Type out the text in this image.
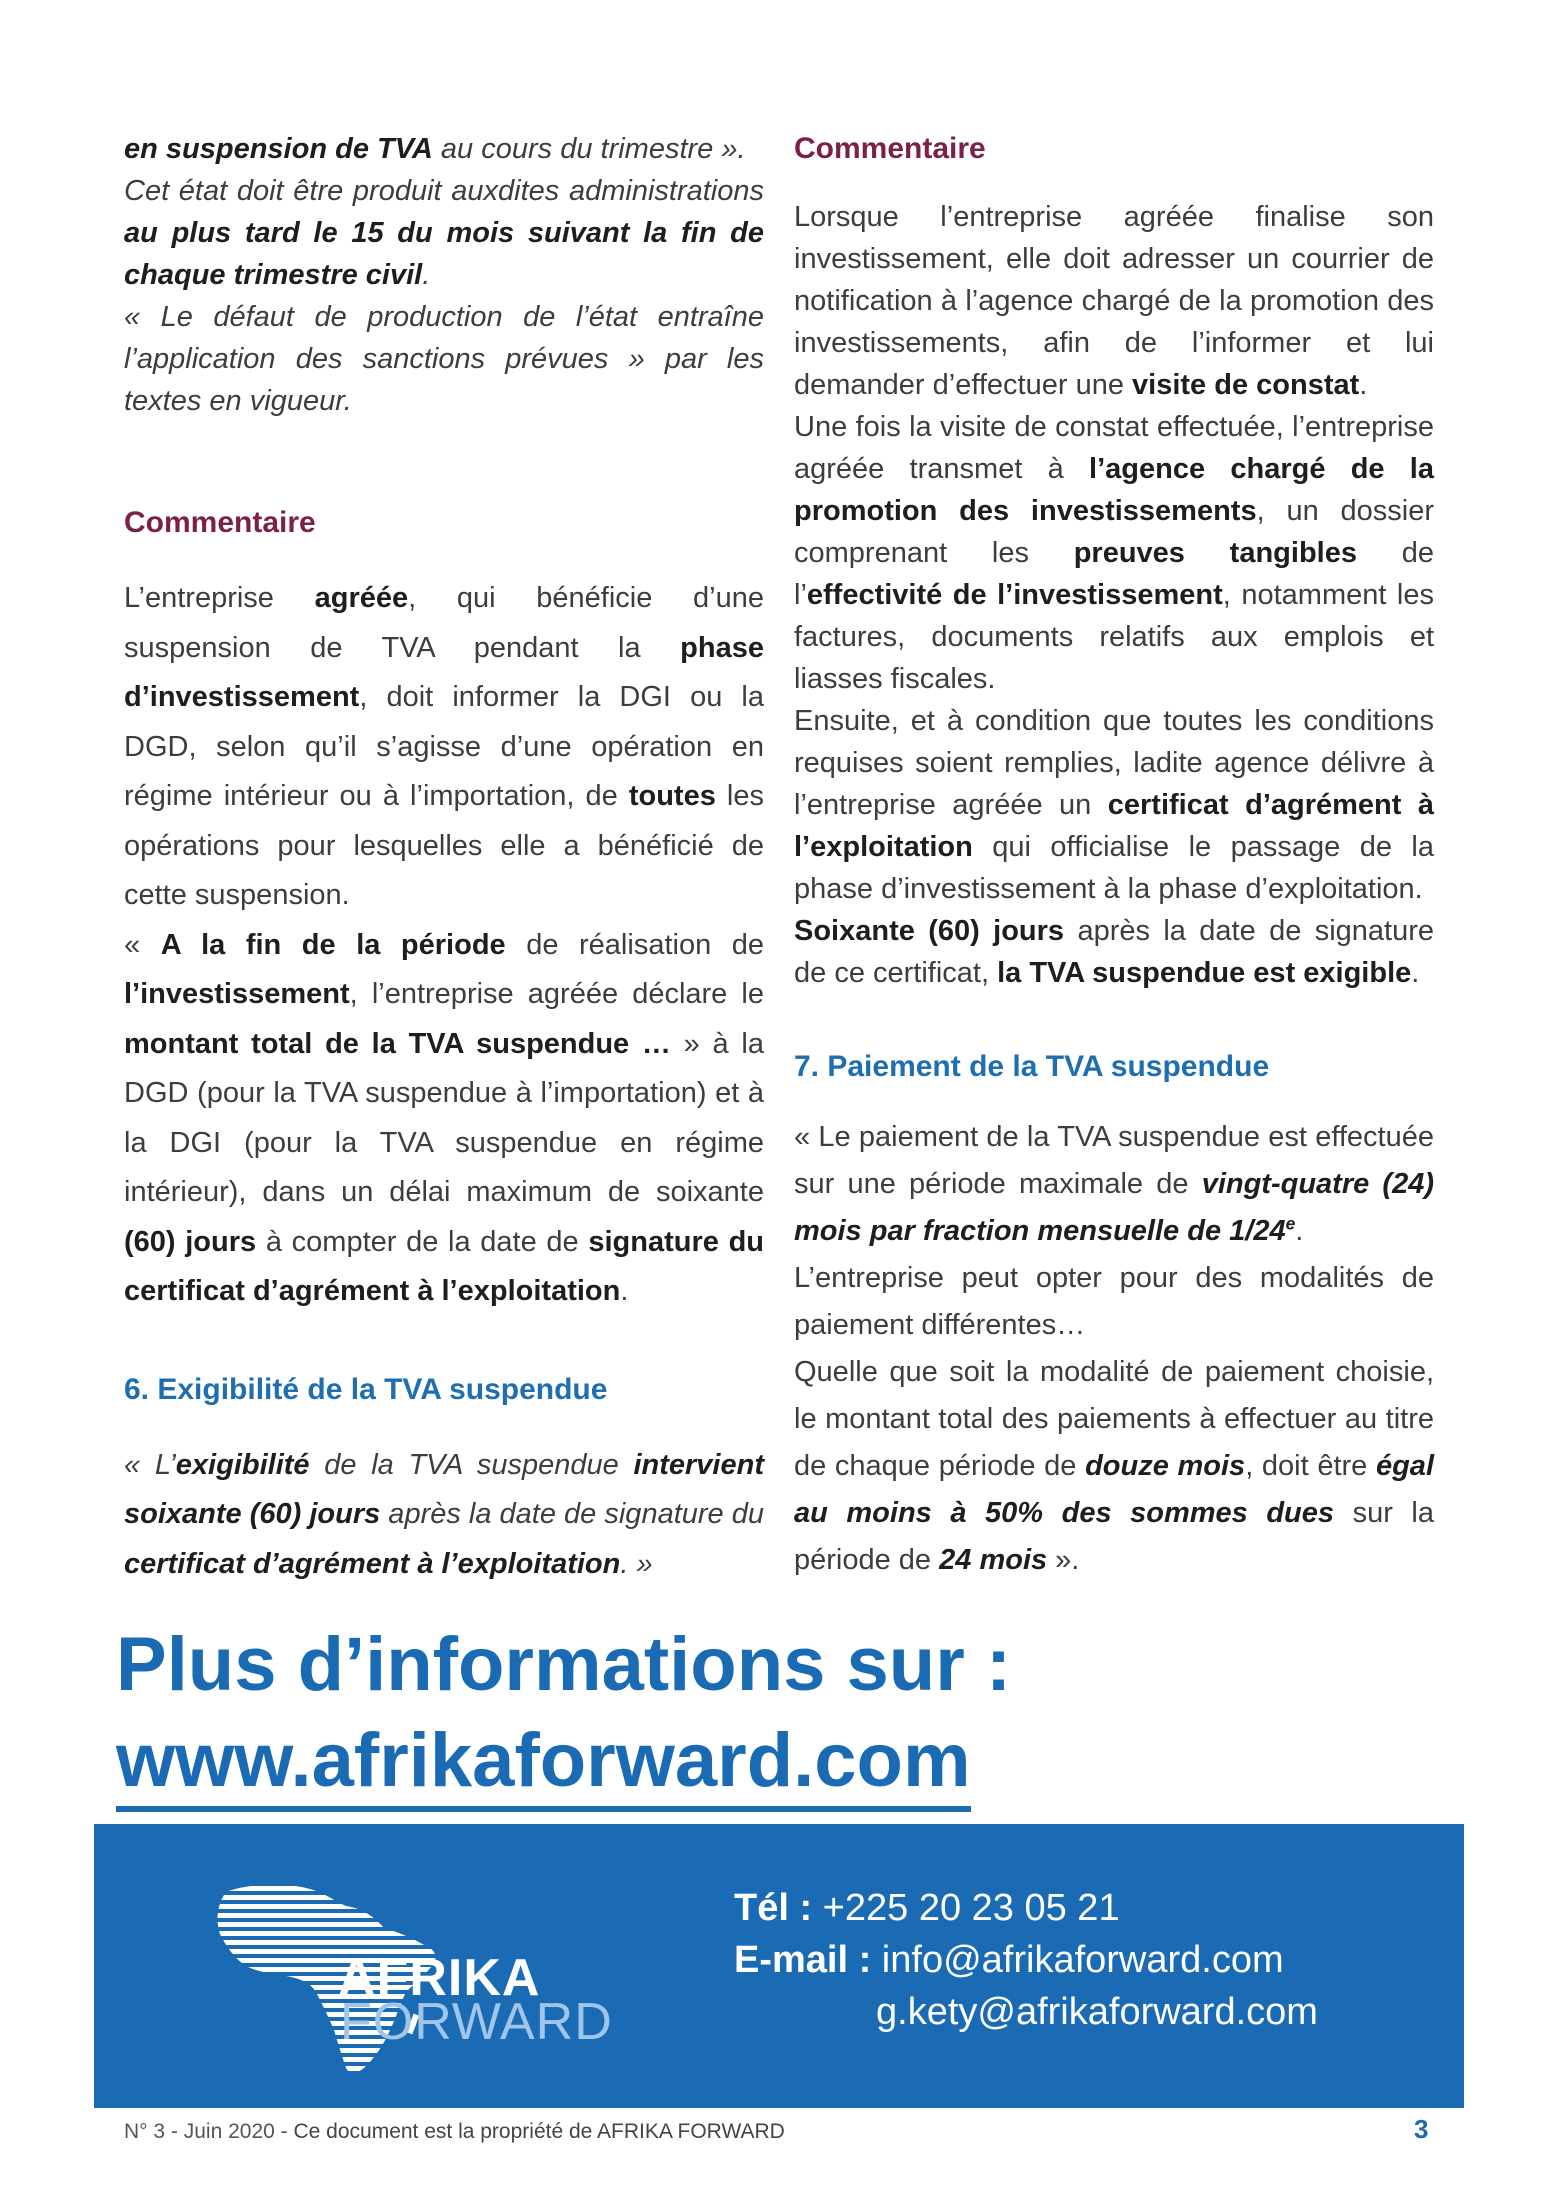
en suspension de TVA au cours du trimestre ».
Cet état doit être produit auxdites administrations au plus tard le 15 du mois suivant la fin de chaque trimestre civil.
« Le défaut de production de l’état entraîne l’application des sanctions prévues » par les textes en vigueur.

Commentaire

L’entreprise agréée, qui bénéficie d’une suspension de TVA pendant la phase d’investissement, doit informer la DGI ou la DGD, selon qu’il s’agisse d’une opération en régime intérieur ou à l’importation, de toutes les opérations pour lesquelles elle a bénéficié de cette suspension.

« A la fin de la période de réalisation de l’investissement, l’entreprise agréée déclare le montant total de la TVA suspendue … » à la DGD (pour la TVA suspendue à l’importation) et à la DGI (pour la TVA suspendue en régime intérieur), dans un délai maximum de soixante (60) jours à compter de la date de signature du certificat d’agrément à l’exploitation.

6. Exigibilité de la TVA suspendue

« L’exigibilité de la TVA suspendue intervient soixante (60) jours après la date de signature du certificat d’agrément à l’exploitation. »

Commentaire

Lorsque l’entreprise agréée finalise son investissement, elle doit adresser un courrier de notification à l’agence chargé de la promotion des investissements, afin de l’informer et lui demander d’effectuer une visite de constat.
Une fois la visite de constat effectuée, l’entreprise agréée transmet à l’agence chargé de la promotion des investissements, un dossier comprenant les preuves tangibles de l’effectivité de l’investissement, notamment les factures, documents relatifs aux emplois et liasses fiscales.
Ensuite, et à condition que toutes les conditions requises soient remplies, ladite agence délivre à l’entreprise agréée un certificat d’agrément à l’exploitation qui officialise le passage de la phase d’investissement à la phase d’exploitation.
Soixante (60) jours après la date de signature de ce certificat, la TVA suspendue est exigible.

7. Paiement de la TVA suspendue

« Le paiement de la TVA suspendue est effectuée sur une période maximale de vingt-quatre (24) mois par fraction mensuelle de 1/24e.
L’entreprise peut opter pour des modalités de paiement différentes…
Quelle que soit la modalité de paiement choisie, le montant total des paiements à effectuer au titre de chaque période de douze mois, doit être égal au moins à 50% des sommes dues sur la période de 24 mois ».

Plus d’informations sur :
www.afrikaforward.com
AFRIKA
FORWARD
Tél : +225 20 23 05 21
E-mail : info@afrikaforward.com
g.kety@afrikaforward.com
N° 3 - Juin 2020 - Ce document est la propriété de AFRIKA FORWARD	3
